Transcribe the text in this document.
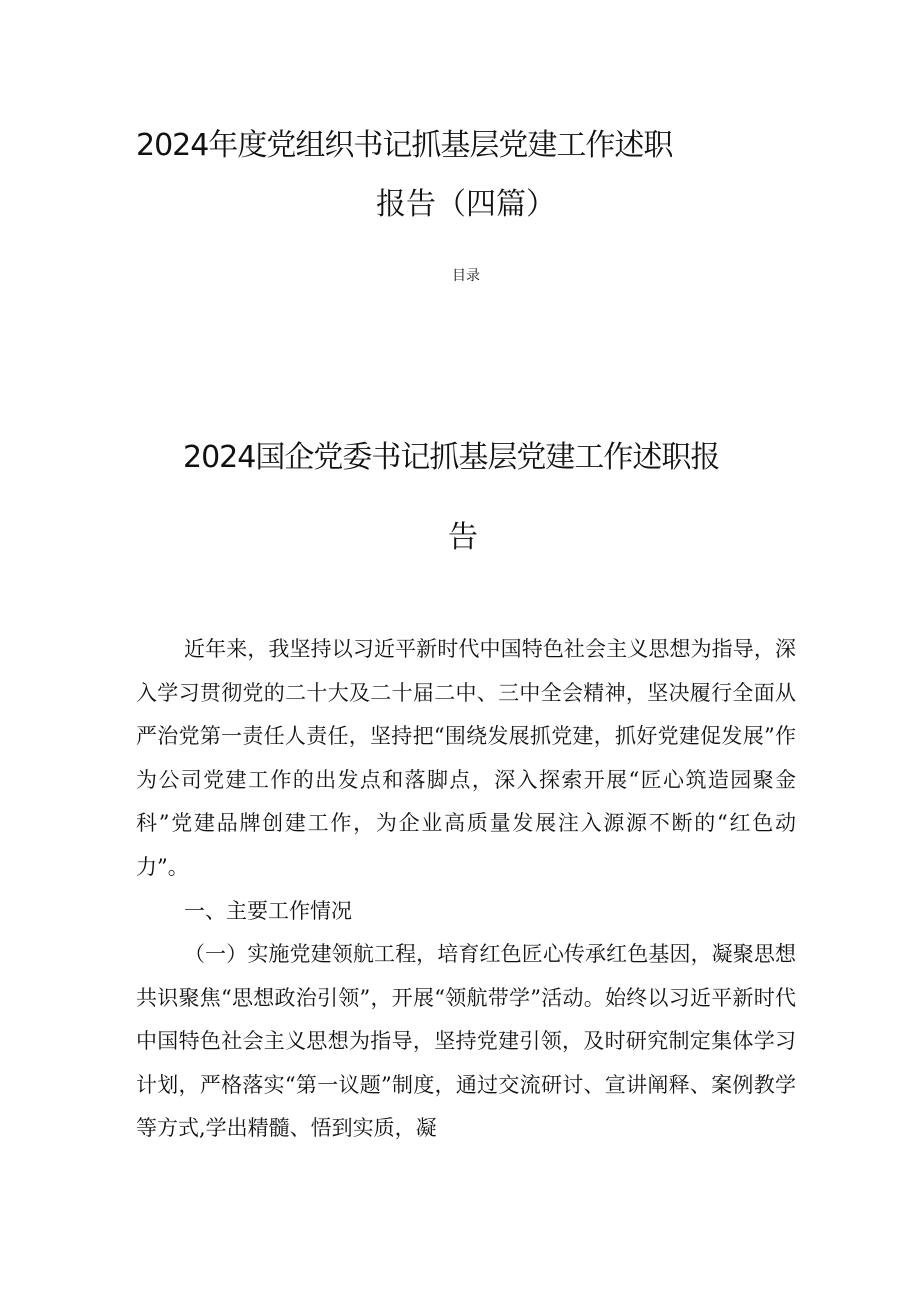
2024年度党组织书记抓基层党建工作述职
报告（四篇）
目录
2024国企党委书记抓基层党建工作述职报
告

近年来，我坚持以习近平新时代中国特色社会主义思想为指导，深入学习贯彻党的二十大及二十届二中、三中全会精神，坚决履行全面从严治党第一责任人责任，坚持把“围绕发展抓党建，抓好党建促发展”作为公司党建工作的出发点和落脚点，深入探索开展“匠心筑造园聚金科”党建品牌创建工作，为企业高质量发展注入源源不断的“红色动力”。

一、主要工作情况

（一）实施党建领航工程，培育红色匠心传承红色基因，凝聚思想共识聚焦“思想政治引领”，开展“领航带学”活动。始终以习近平新时代中国特色社会主义思想为指导，坚持党建引领，及时研究制定集体学习计划，严格落实“第一议题”制度，通过交流研讨、宣讲阐释、案例教学等方式,学出精髓、悟到实质，凝
